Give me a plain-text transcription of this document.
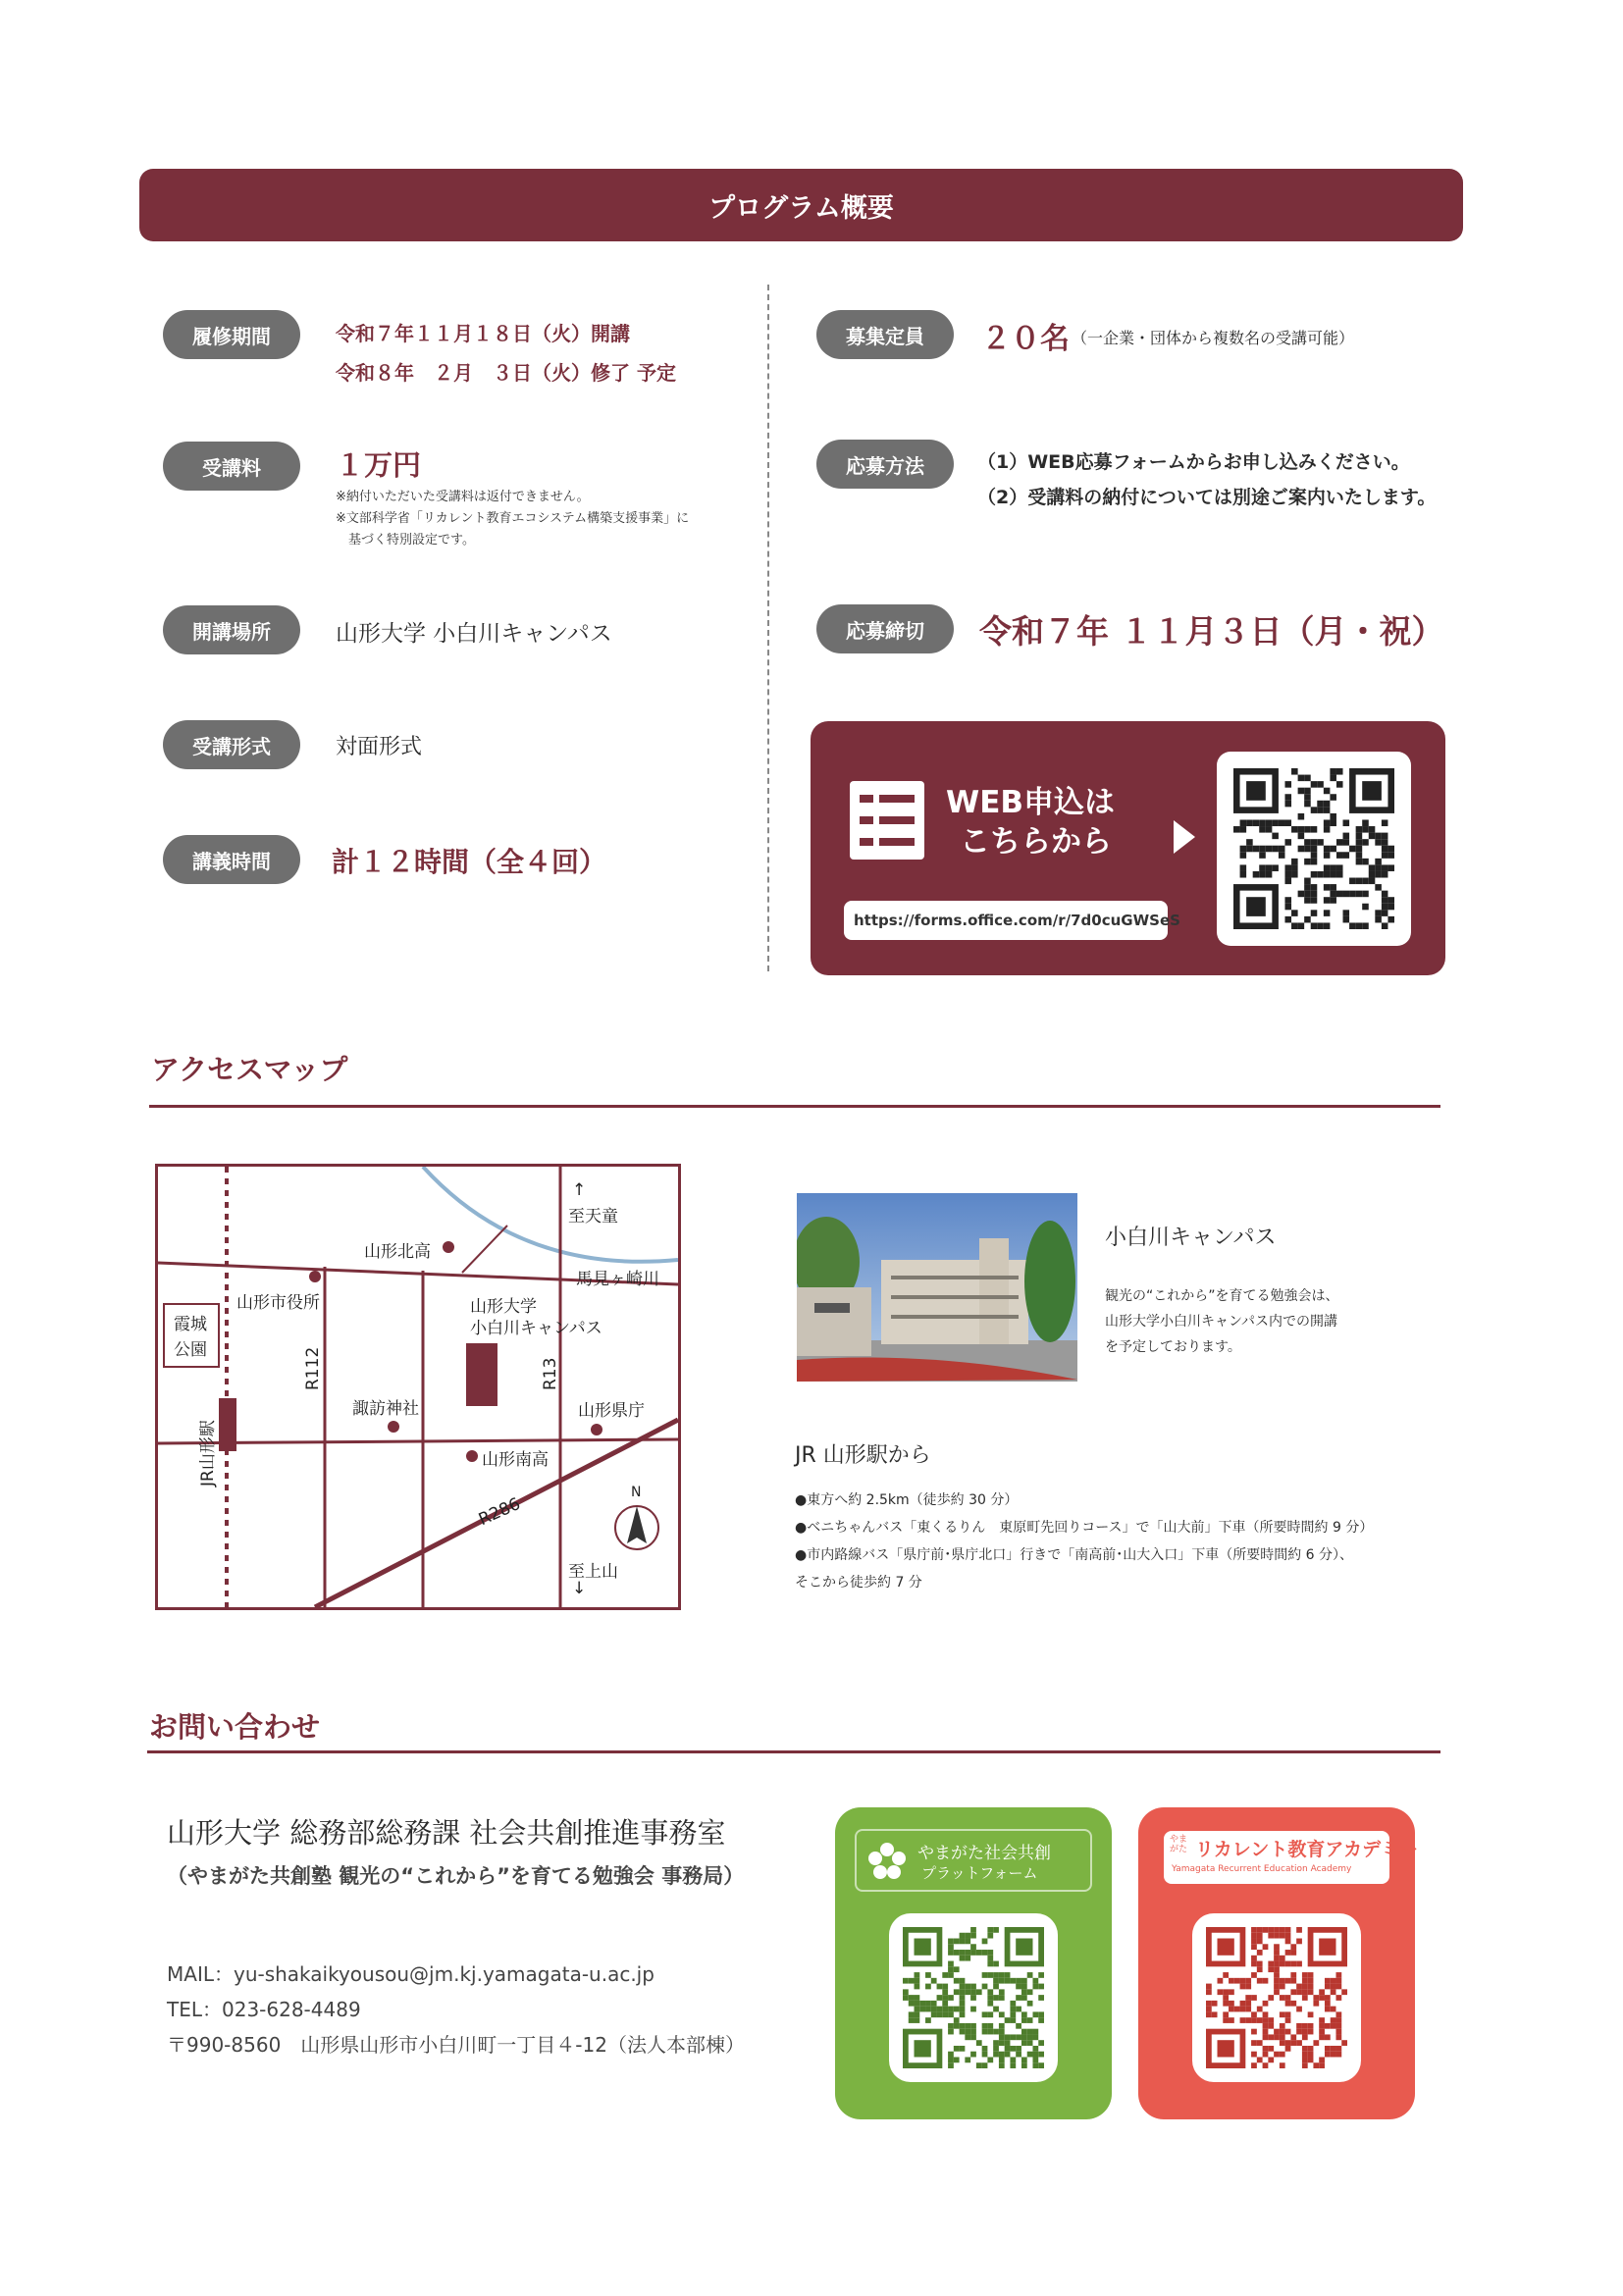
プログラム概要
履修期間	令和７年１１月１８日（火）開講
令和８年　２月　３日（火）修了 予定
受講料	１万円
※納付いただいた受講料は返付できません。
※文部科学省「リカレント教育エコシステム構築支援事業」に
　基づく特別設定です。
開講場所	山形大学 小白川キャンパス
受講形式	対面形式
講義時間	計１２時間（全４回）
募集定員	２０名 （一企業・団体から複数名の受講可能）
応募方法	（1）WEB応募フォームからお申し込みください。
（2）受講料の納付については別途ご案内いたします。
応募締切	令和７年 １１月３日（月・祝）
WEB申込は
こちらから
https://forms.office.com/r/7d0cuGWSeS
アクセスマップ
山形北高
山形市役所
霞城
公園
山形大学
小白川キャンパス
↑
至天童
馬見ヶ崎川
R112	R13
諏訪神社	山形県庁
JR山形駅	山形南高
R286
N
至上山
↓
小白川キャンパス
観光の“これから”を育てる勉強会は、
山形大学小白川キャンパス内での開講
を予定しております。
JR 山形駅から
●東方へ約 2.5km（徒歩約 30 分）
●ベニちゃんバス「東くるりん　東原町先回りコース」で「山大前」下車（所要時間約 9 分）
●市内路線バス「県庁前･県庁北口」行きで「南高前･山大入口」下車（所要時間約 6 分）、
そこから徒歩約 7 分
お問い合わせ
山形大学 総務部総務課 社会共創推進事務室
（やまがた共創塾 観光の“これから”を育てる勉強会 事務局）
MAIL：yu-shakaikyousou@jm.kj.yamagata-u.ac.jp
TEL：023-628-4489
〒990-8560　山形県山形市小白川町一丁目４-12（法人本部棟）
やまがた社会共創
プラットフォーム
やまがた リカレント教育アカデミー
Yamagata Recurrent Education Academy
